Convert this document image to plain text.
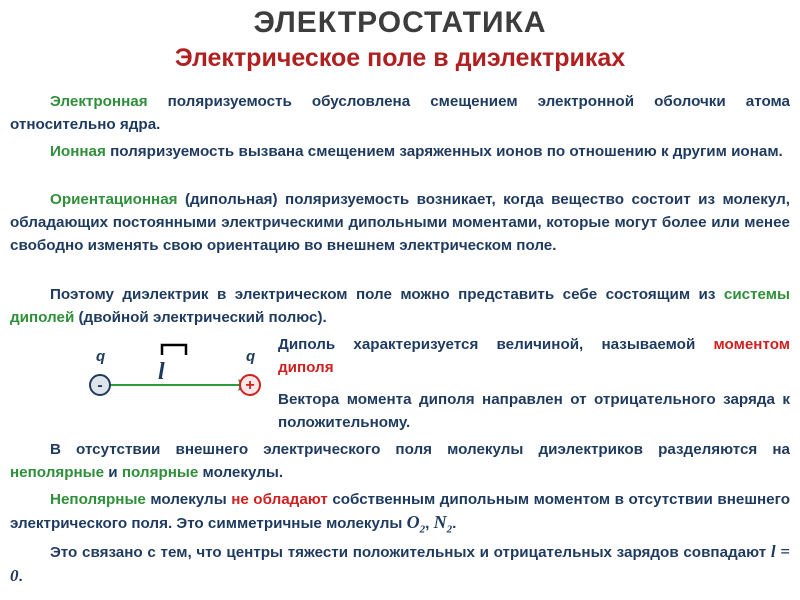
ЭЛЕКТРОСТАТИКА
Электрическое поле в диэлектриках
Электронная поляризуемость обусловлена смещением электронной оболочки атома относительно ядра.
Ионная поляризуемость вызвана смещением заряженных ионов по отношению к другим ионам.
Ориентационная (дипольная) поляризуемость возникает, когда вещество состоит из молекул, обладающих постоянными электрическими дипольными моментами, которые могут более или менее свободно изменять свою ориентацию во внешнем электрическом поле.
Поэтому диэлектрик в электрическом поле можно представить себе состоящим из системы диполей (двойной электрический полюс).
q	q
l
-	+
Диполь характеризуется величиной, называемой моментом диполя
Вектора момента диполя направлен от отрицательного заряда к положительному.
В отсутствии внешнего электрического поля молекулы диэлектриков разделяются на неполярные и полярные молекулы.
Неполярные молекулы не обладают собственным дипольным моментом в отсутствии внешнего электрического поля. Это симметричные молекулы $O_2$, $N_2$.
Это связано с тем, что центры тяжести положительных и отрицательных зарядов совпадают l = 0.
